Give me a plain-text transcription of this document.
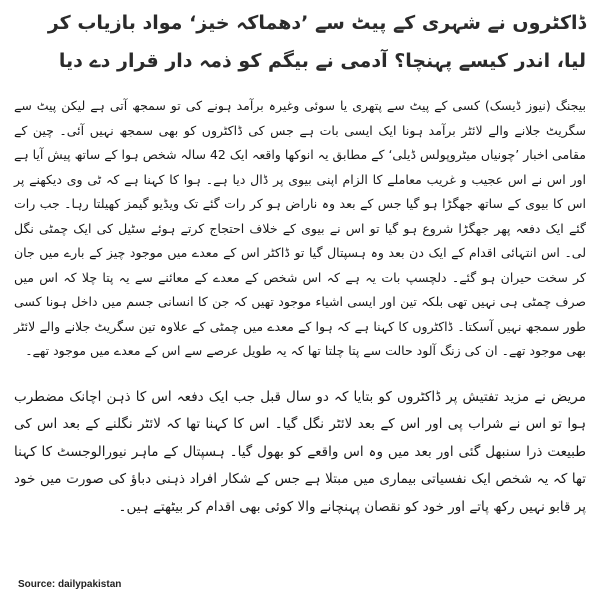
ڈاکٹروں نے شہری کے پیٹ سے ’دھماکہ خیز‘ مواد بازیاب کر لیا، اندر کیسے پہنچا؟ آدمی نے بیگم کو ذمہ دار قرار دے دیا

بیجنگ (نیوز ڈیسک) کسی کے پیٹ سے پتھری یا سوئی وغیرہ برآمد ہونے کی تو سمجھ آتی ہے لیکن پیٹ سے سگریٹ جلانے والے لائٹر برآمد ہونا ایک ایسی بات ہے جس کی ڈاکٹروں کو بھی سمجھ نہیں آئی۔ چین کے مقامی اخبار ’چونیاں میٹروپولس ڈیلی‘ کے مطابق یہ انوکھا واقعہ ایک 42 سالہ شخص ہوا کے ساتھ پیش آیا ہے اور اس نے اس عجیب و غریب معاملے کا الزام اپنی بیوی پر ڈال دیا ہے۔ ہوا کا کہنا ہے کہ ٹی وی دیکھنے پر اس کا بیوی کے ساتھ جھگڑا ہو گیا جس کے بعد وہ ناراض ہو کر رات گئے تک ویڈیو گیمز کھیلتا رہا۔ جب رات گئے ایک دفعہ پھر جھگڑا شروع ہو گیا تو اس نے بیوی کے خلاف احتجاج کرتے ہوئے سٹیل کی ایک چمٹی نگل لی۔ اس انتہائی اقدام کے ایک دن بعد وہ ہسپتال گیا تو ڈاکٹر اس کے معدے میں موجود چیز کے بارے میں جان کر سخت حیران ہو گئے۔ دلچسپ بات یہ ہے کہ اس شخص کے معدے کے معائنے سے یہ پتا چلا کہ اس میں صرف چمٹی ہی نہیں تھی بلکہ تین اور ایسی اشیاء موجود تھیں کہ جن کا انسانی جسم میں داخل ہونا کسی طور سمجھ نہیں آسکتا۔ ڈاکٹروں کا کہنا ہے کہ ہوا کے معدے میں چمٹی کے علاوہ تین سگریٹ جلانے والے لائٹر بھی موجود تھے۔ ان کی زنگ آلود حالت سے پتا چلتا تھا کہ یہ طویل عرصے سے اس کے معدے میں موجود تھے۔

مریض نے مزید تفتیش پر ڈاکٹروں کو بتایا کہ دو سال قبل جب ایک دفعہ اس کا ذہن اچانک مضطرب ہوا تو اس نے شراب پی اور اس کے بعد لائٹر نگل گیا۔ اس کا کہنا تھا کہ لائٹر نگلنے کے بعد اس کی طبیعت ذرا سنبھل گئی اور بعد میں وہ اس واقعے کو بھول گیا۔ ہسپتال کے ماہر نیورالوجسٹ کا کہنا تھا کہ یہ شخص ایک نفسیاتی بیماری میں مبتلا ہے جس کے شکار افراد ذہنی دباؤ کی صورت میں خود پر قابو نہیں رکھ پاتے اور خود کو نقصان پہنچانے والا کوئی بھی اقدام کر بیٹھتے ہیں۔

Source: dailypakistan
